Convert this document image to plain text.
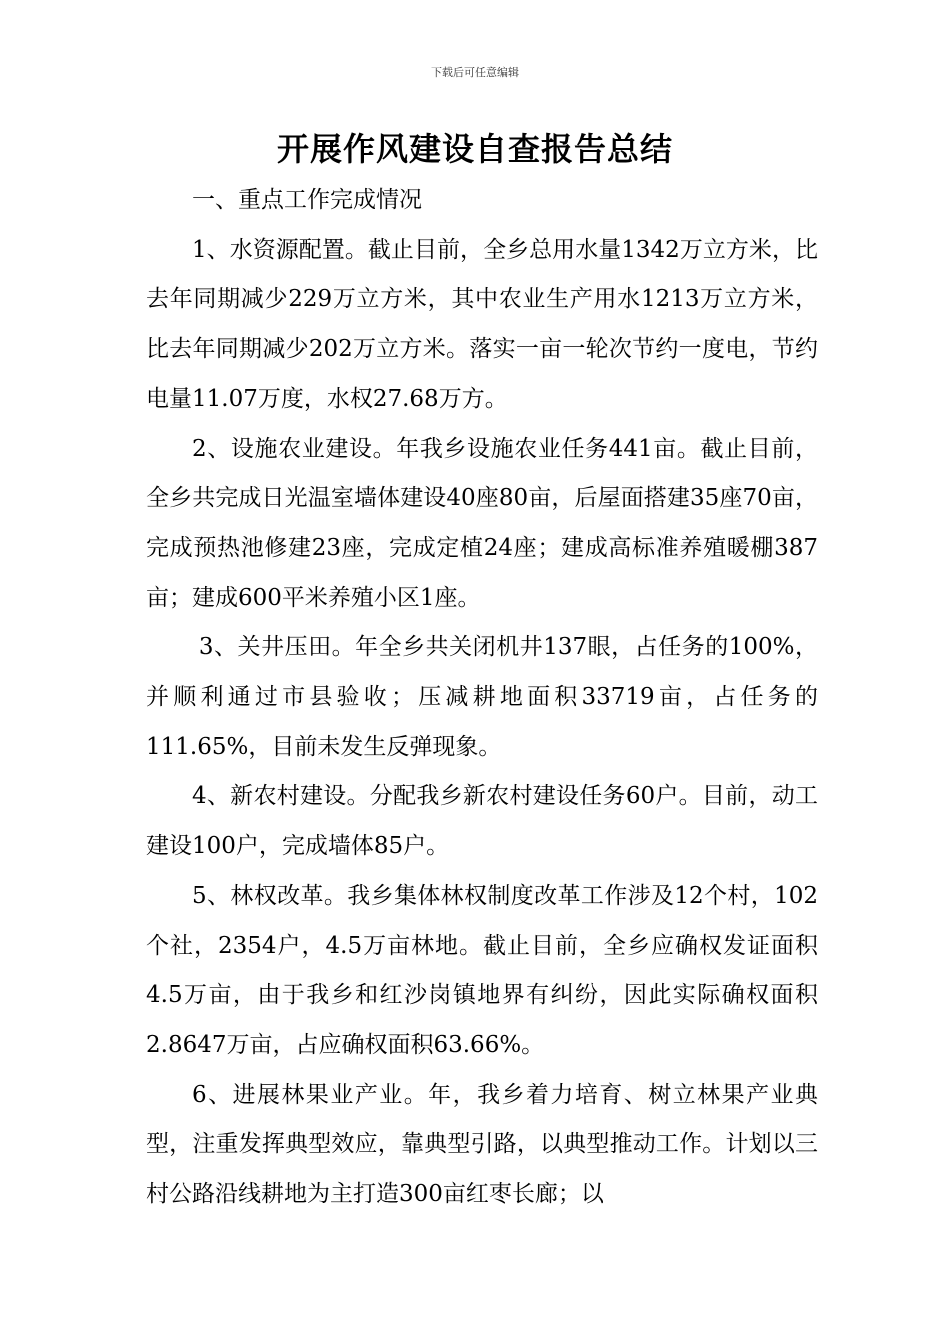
下载后可任意编辑
开展作风建设自查报告总结

一、重点工作完成情况

1、水资源配置。截止目前，全乡总用水量1342万立方米，比去年同期减少229万立方米，其中农业生产用水1213万立方米，比去年同期减少202万立方米。落实一亩一轮次节约一度电，节约电量11.07万度，水权27.68万方。

2、设施农业建设。年我乡设施农业任务441亩。截止目前，全乡共完成日光温室墙体建设40座80亩，后屋面搭建35座70亩，完成预热池修建23座，完成定植24座；建成高标准养殖暖棚387亩；建成600平米养殖小区1座。

3、关井压田。年全乡共关闭机井137眼，占任务的100%，并顺利通过市县验收；压减耕地面积33719亩，占任务的111.65%，目前未发生反弹现象。

4、新农村建设。分配我乡新农村建设任务60户。目前，动工建设100户，完成墙体85户。

5、林权改革。我乡集体林权制度改革工作涉及12个村，102个社，2354户，4.5万亩林地。截止目前，全乡应确权发证面积4.5万亩，由于我乡和红沙岗镇地界有纠纷，因此实际确权面积2.8647万亩，占应确权面积63.66%。

6、进展林果业产业。年，我乡着力培育、树立林果产业典型，注重发挥典型效应，靠典型引路，以典型推动工作。计划以三村公路沿线耕地为主打造300亩红枣长廊；以
